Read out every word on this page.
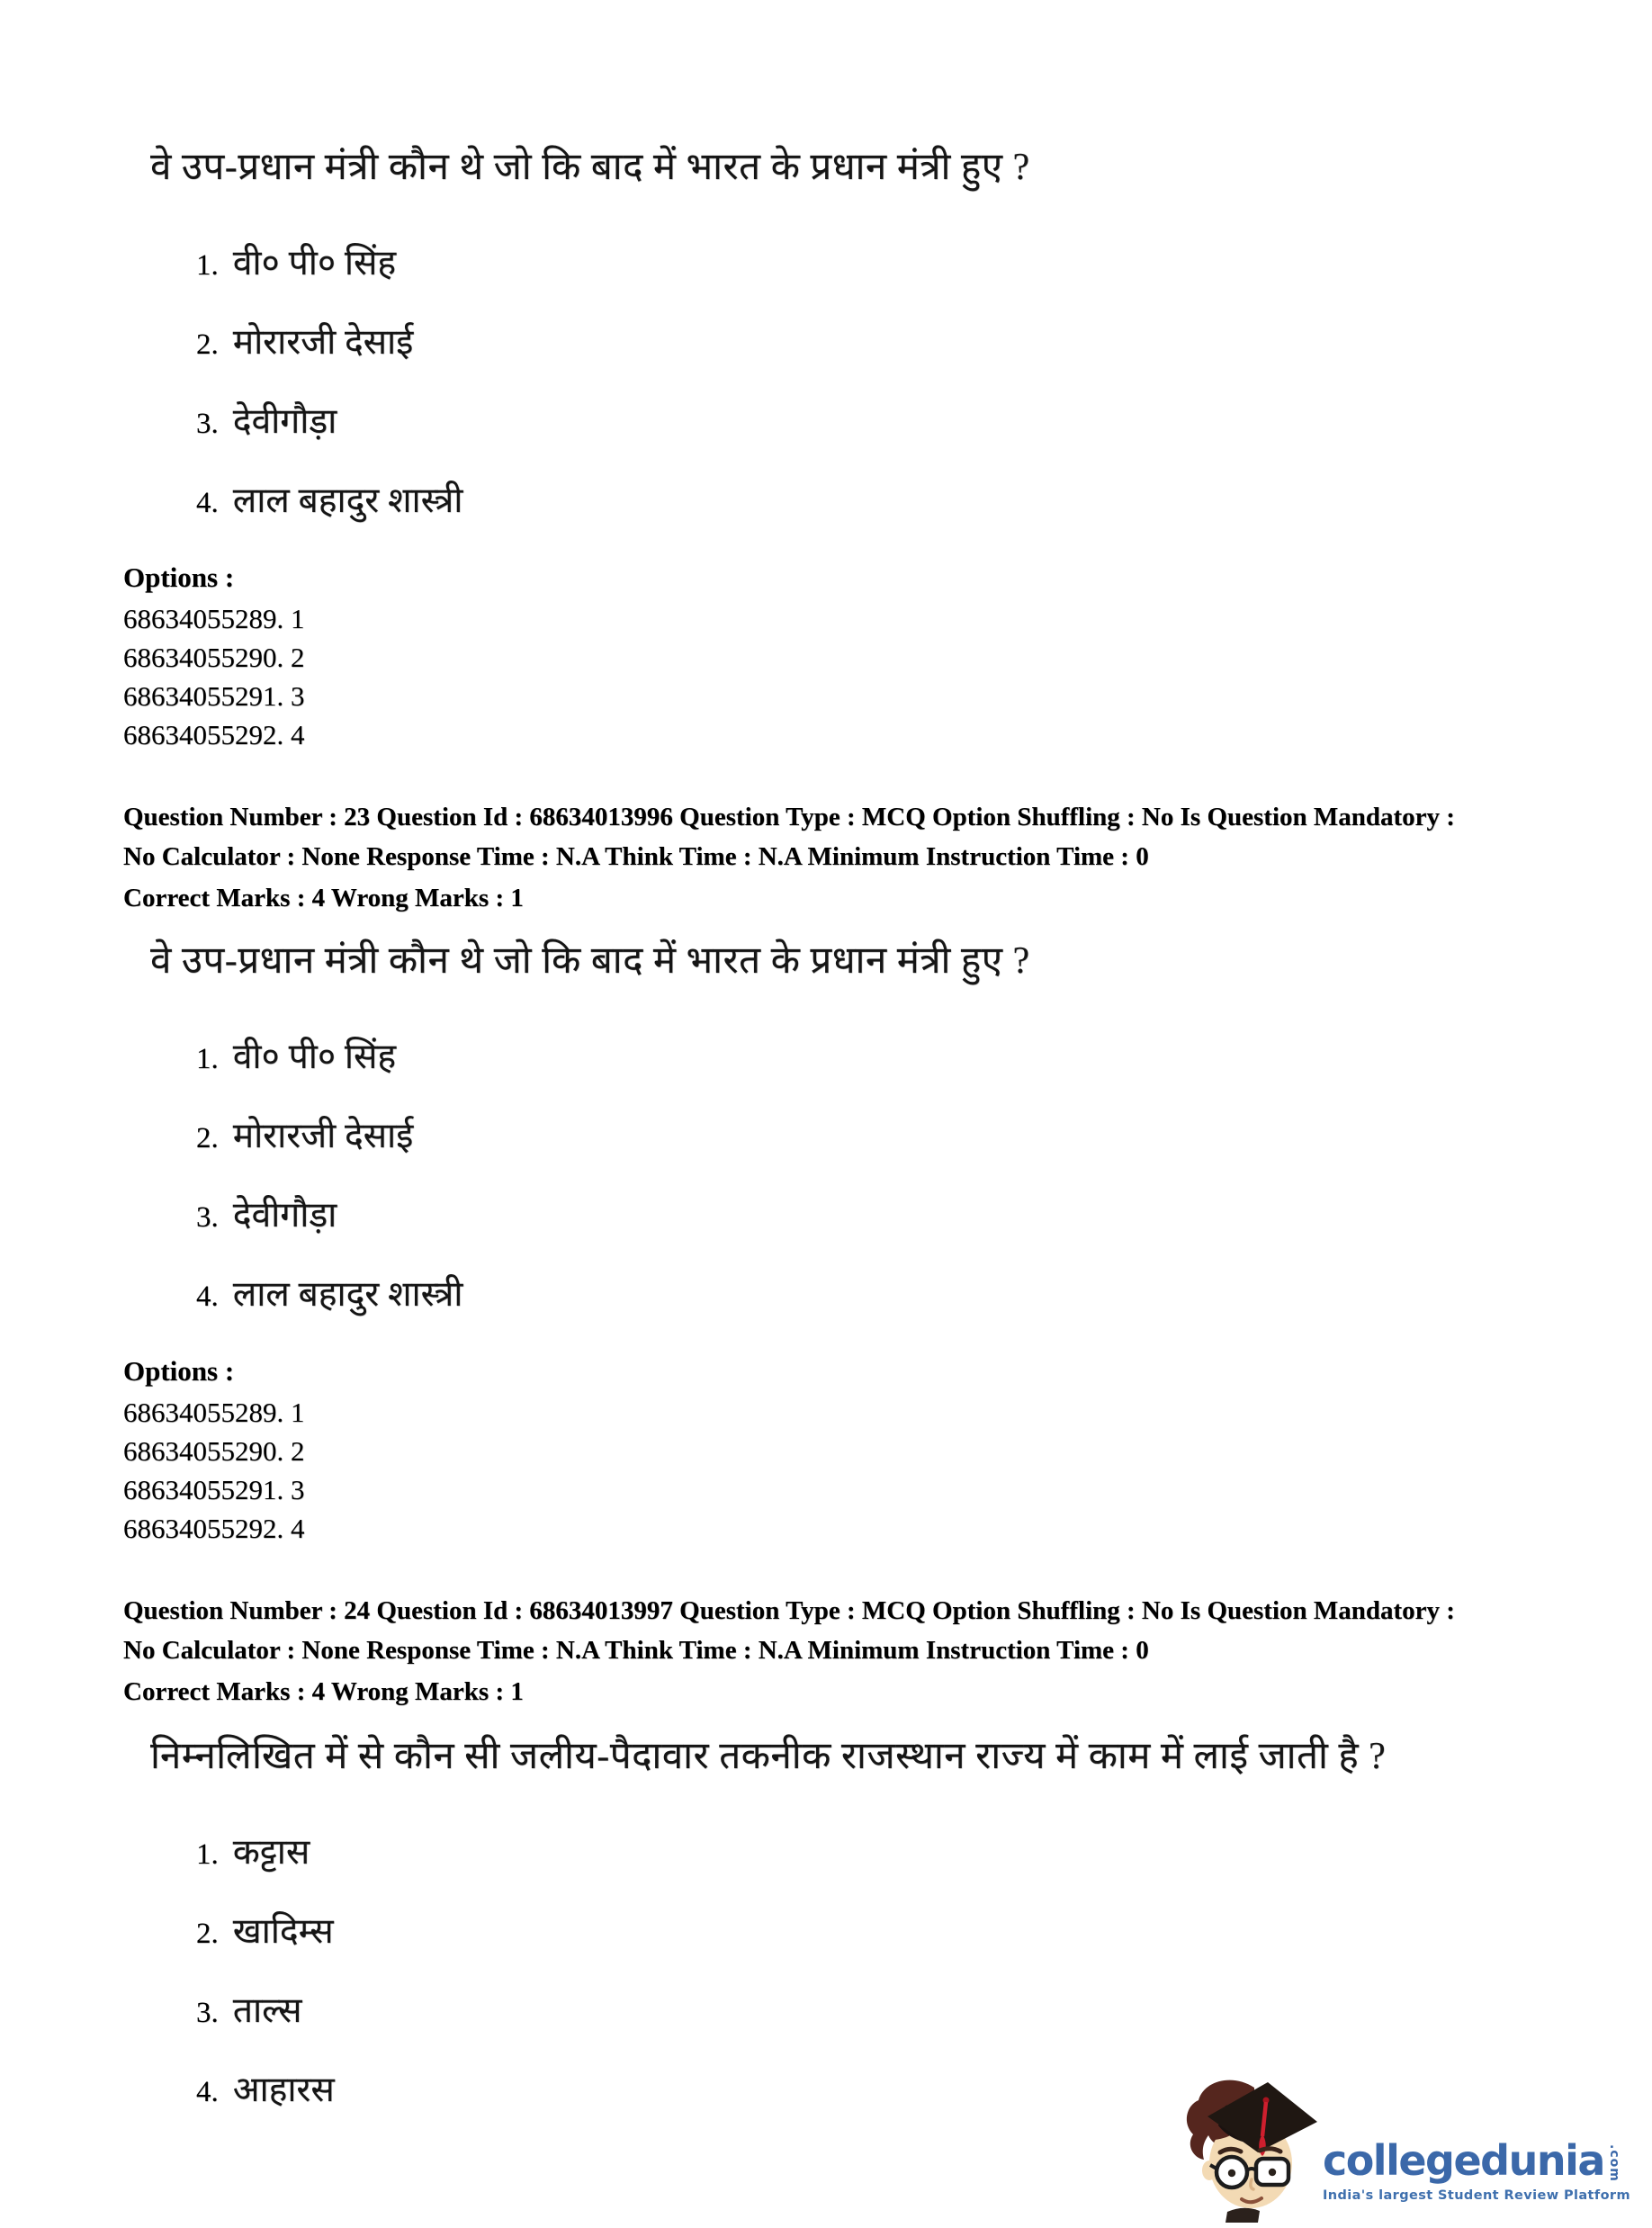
वे उप-प्रधान मंत्री कौन थे जो कि बाद में भारत के प्रधान मंत्री हुए ?
1. वी० पी० सिंह
2. मोरारजी देसाई
3. देवीगौड़ा
4. लाल बहादुर शास्त्री
Options :
68634055289. 1
68634055290. 2
68634055291. 3
68634055292. 4
Question Number : 23 Question Id : 68634013996 Question Type : MCQ Option Shuffling : No Is Question Mandatory :
No Calculator : None Response Time : N.A Think Time : N.A Minimum Instruction Time : 0
Correct Marks : 4 Wrong Marks : 1
वे उप-प्रधान मंत्री कौन थे जो कि बाद में भारत के प्रधान मंत्री हुए ?
1. वी० पी० सिंह
2. मोरारजी देसाई
3. देवीगौड़ा
4. लाल बहादुर शास्त्री
Options :
68634055289. 1
68634055290. 2
68634055291. 3
68634055292. 4
Question Number : 24 Question Id : 68634013997 Question Type : MCQ Option Shuffling : No Is Question Mandatory :
No Calculator : None Response Time : N.A Think Time : N.A Minimum Instruction Time : 0
Correct Marks : 4 Wrong Marks : 1
निम्नलिखित में से कौन सी जलीय-पैदावार तकनीक राजस्थान राज्य में काम में लाई जाती है ?
1. कट्टास
2. खादिम्स
3. ताल्स
4. आहारस
collegedunia .com
India's largest Student Review Platform
